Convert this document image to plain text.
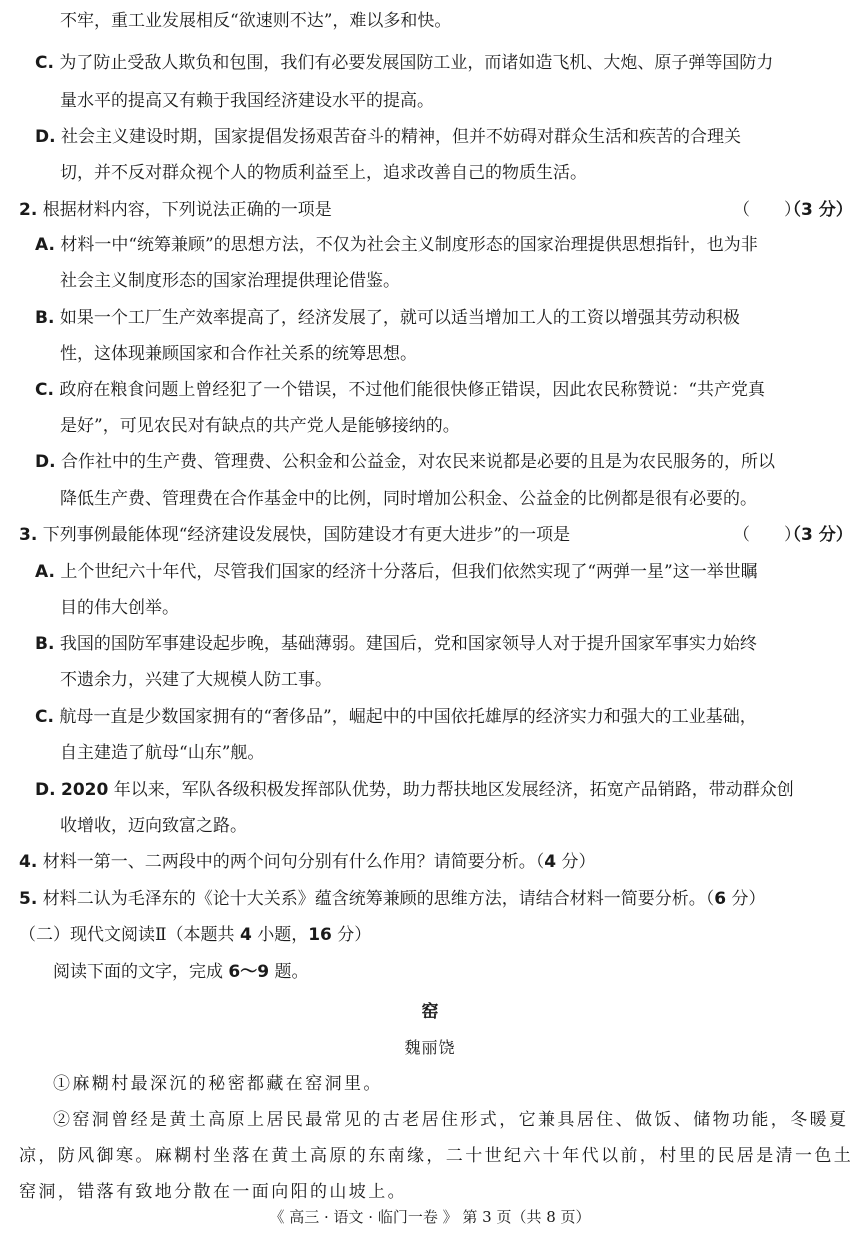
不牢，重工业发展相反“欲速则不达”，难以多和快。
C. 为了防止受敌人欺负和包围，我们有必要发展国防工业，而诸如造飞机、大炮、原子弹等国防力
量水平的提高又有赖于我国经济建设水平的提高。
D. 社会主义建设时期，国家提倡发扬艰苦奋斗的精神，但并不妨碍对群众生活和疾苦的合理关
切，并不反对群众视个人的物质利益至上，追求改善自己的物质生活。
2. 根据材料内容，下列说法正确的一项是	（　　）
（3 分）
A. 材料一中“统筹兼顾”的思想方法，不仅为社会主义制度形态的国家治理提供思想指针，也为非
社会主义制度形态的国家治理提供理论借鉴。
B. 如果一个工厂生产效率提高了，经济发展了，就可以适当增加工人的工资以增强其劳动积极
性，这体现兼顾国家和合作社关系的统筹思想。
C. 政府在粮食问题上曾经犯了一个错误，不过他们能很快修正错误，因此农民称赞说：“共产党真
是好”，可见农民对有缺点的共产党人是能够接纳的。
D. 合作社中的生产费、管理费、公积金和公益金，对农民来说都是必要的且是为农民服务的，所以
降低生产费、管理费在合作基金中的比例，同时增加公积金、公益金的比例都是很有必要的。
3. 下列事例最能体现“经济建设发展快，国防建设才有更大进步”的一项是	（　　）
（3 分）
A. 上个世纪六十年代，尽管我们国家的经济十分落后，但我们依然实现了“两弹一星”这一举世瞩
目的伟大创举。
B. 我国的国防军事建设起步晚，基础薄弱。建国后，党和国家领导人对于提升国家军事实力始终
不遗余力，兴建了大规模人防工事。
C. 航母一直是少数国家拥有的“奢侈品”，崛起中的中国依托雄厚的经济实力和强大的工业基础，
自主建造了航母“山东”舰。
D. 2020 年以来，军队各级积极发挥部队优势，助力帮扶地区发展经济，拓宽产品销路，带动群众创
收增收，迈向致富之路。
4. 材料一第一、二两段中的两个问句分别有什么作用？请简要分析。（4 分）
5. 材料二认为毛泽东的《论十大关系》蕴含统筹兼顾的思维方法，请结合材料一简要分析。（6 分）
（二）现代文阅读Ⅱ（本题共 4 小题，16 分）
阅读下面的文字，完成 6～9 题。
窑
魏丽饶
①麻糊村最深沉的秘密都藏在窑洞里。
②窑洞曾经是黄土高原上居民最常见的古老居住形式，它兼具居住、做饭、储物功能，冬暖夏
凉，防风御寒。麻糊村坐落在黄土高原的东南缘，二十世纪六十年代以前，村里的民居是清一色土
窑洞，错落有致地分散在一面向阳的山坡上。
《 高三 · 语文 · 临门一卷 》 第 3 页（共 8 页）
